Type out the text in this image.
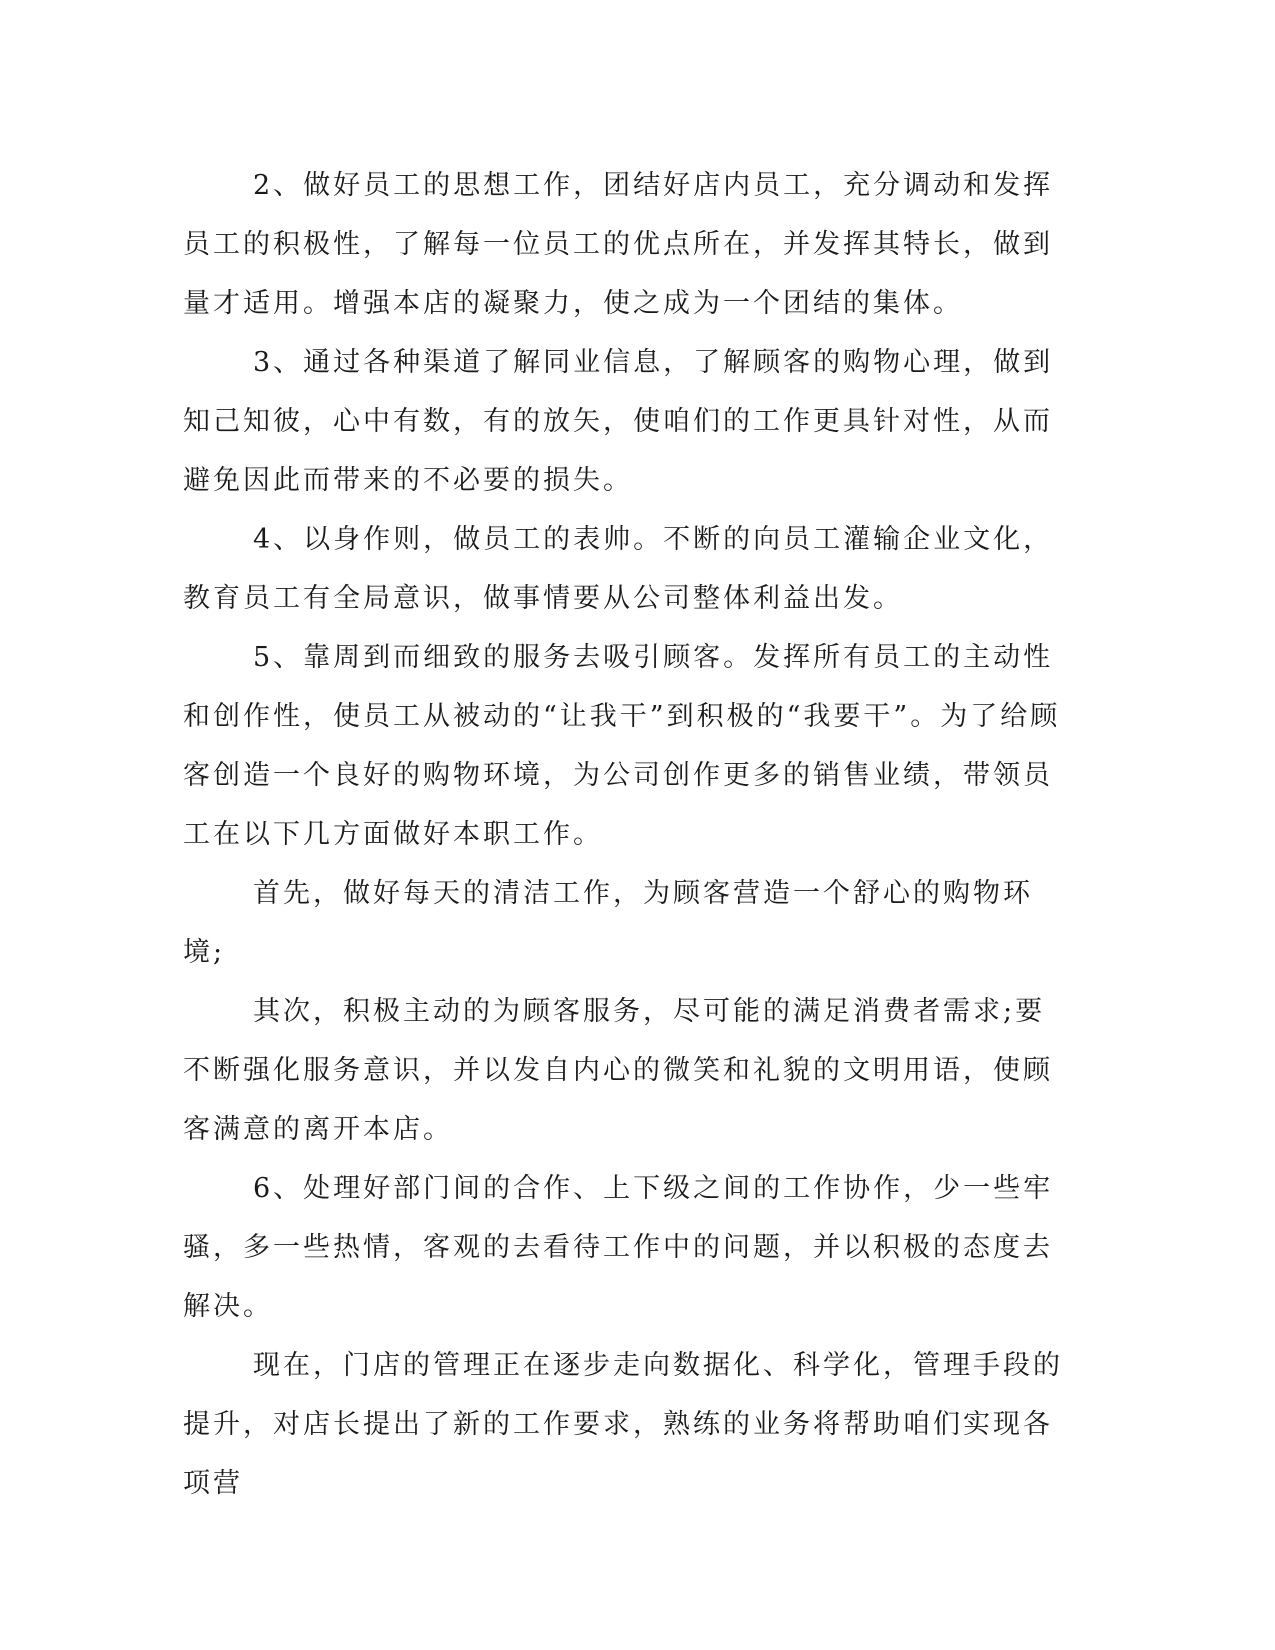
2、做好员工的思想工作，团结好店内员工，充分调动和发挥员工的积极性，了解每一位员工的优点所在，并发挥其特长，做到量才适用。增强本店的凝聚力，使之成为一个团结的集体。

3、通过各种渠道了解同业信息，了解顾客的购物心理，做到知己知彼，心中有数，有的放矢，使咱们的工作更具针对性，从而避免因此而带来的不必要的损失。

4、以身作则，做员工的表帅。不断的向员工灌输企业文化，教育员工有全局意识，做事情要从公司整体利益出发。

5、靠周到而细致的服务去吸引顾客。发挥所有员工的主动性和创作性，使员工从被动的“让我干”到积极的“我要干”。为了给顾客创造一个良好的购物环境，为公司创作更多的销售业绩，带领员工在以下几方面做好本职工作。

首先，做好每天的清洁工作，为顾客营造一个舒心的购物环境;

其次，积极主动的为顾客服务，尽可能的满足消费者需求;要不断强化服务意识，并以发自内心的微笑和礼貌的文明用语，使顾客满意的离开本店。

6、处理好部门间的合作、上下级之间的工作协作，少一些牢骚，多一些热情，客观的去看待工作中的问题，并以积极的态度去解决。

现在，门店的管理正在逐步走向数据化、科学化，管理手段的提升，对店长提出了新的工作要求，熟练的业务将帮助咱们实现各项营
